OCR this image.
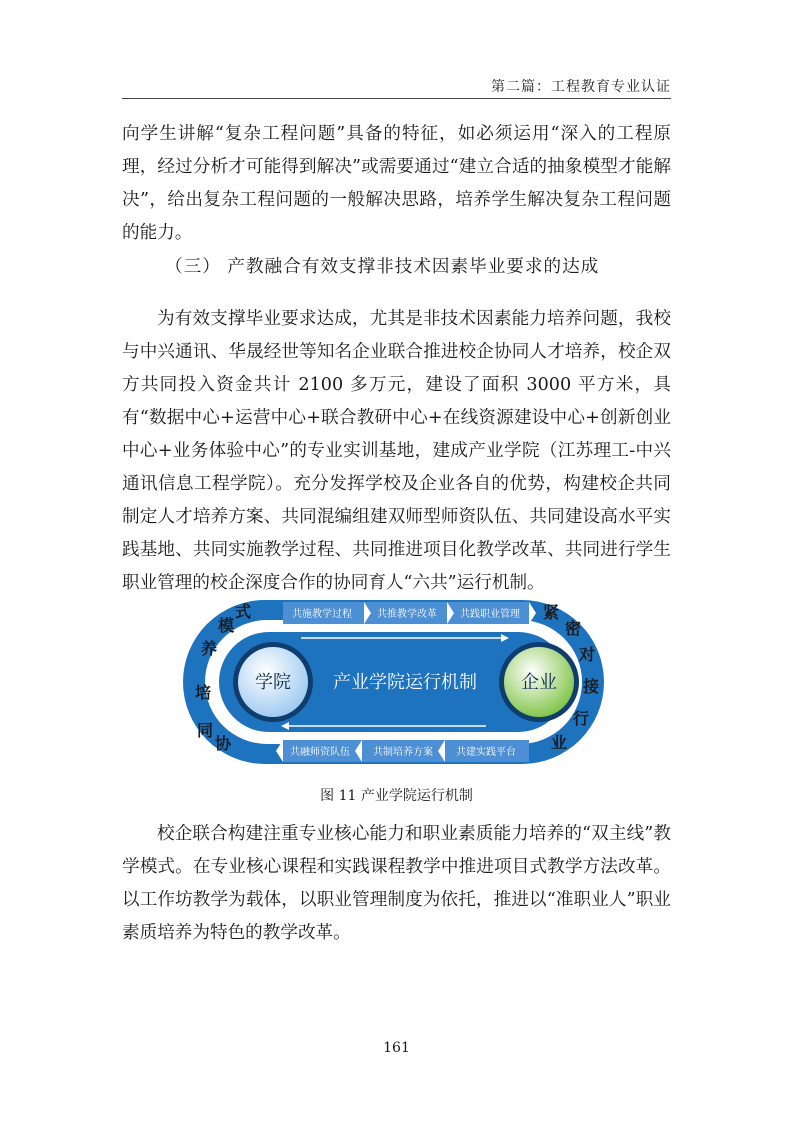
第二篇：工程教育专业认证
向学生讲解“复杂工程问题”具备的特征，如必须运用“深入的工程原理，经过分析才可能得到解决”或需要通过“建立合适的抽象模型才能解决”，给出复杂工程问题的一般解决思路，培养学生解决复杂工程问题的能力。
（三） 产教融合有效支撑非技术因素毕业要求的达成
为有效支撑毕业要求达成，尤其是非技术因素能力培养问题，我校与中兴通讯、华晟经世等知名企业联合推进校企协同人才培养，校企双方共同投入资金共计 2100 多万元，建设了面积 3000 平方米，具有“数据中心+运营中心+联合教研中心+在线资源建设中心+创新创业中心+业务体验中心”的专业实训基地，建成产业学院（江苏理工-中兴通讯信息工程学院）。充分发挥学校及企业各自的优势，构建校企共同制定人才培养方案、共同混编组建双师型师资队伍、共同建设高水平实践基地、共同实施教学过程、共同推进项目化教学改革、共同进行学生职业管理的校企深度合作的协同育人“六共”运行机制。
共施教学过程	共推教学改革 共践职业管理
共融师资队伍 共制培养方案 共建实践平台
学院	企业
产业学院运行机制
式
模
养
培
同
协
紧
密
对
接
行
业
图 11 产业学院运行机制
校企联合构建注重专业核心能力和职业素质能力培养的“双主线”教学模式。在专业核心课程和实践课程教学中推进项目式教学方法改革。以工作坊教学为载体，以职业管理制度为依托，推进以“准职业人”职业素质培养为特色的教学改革。
161
